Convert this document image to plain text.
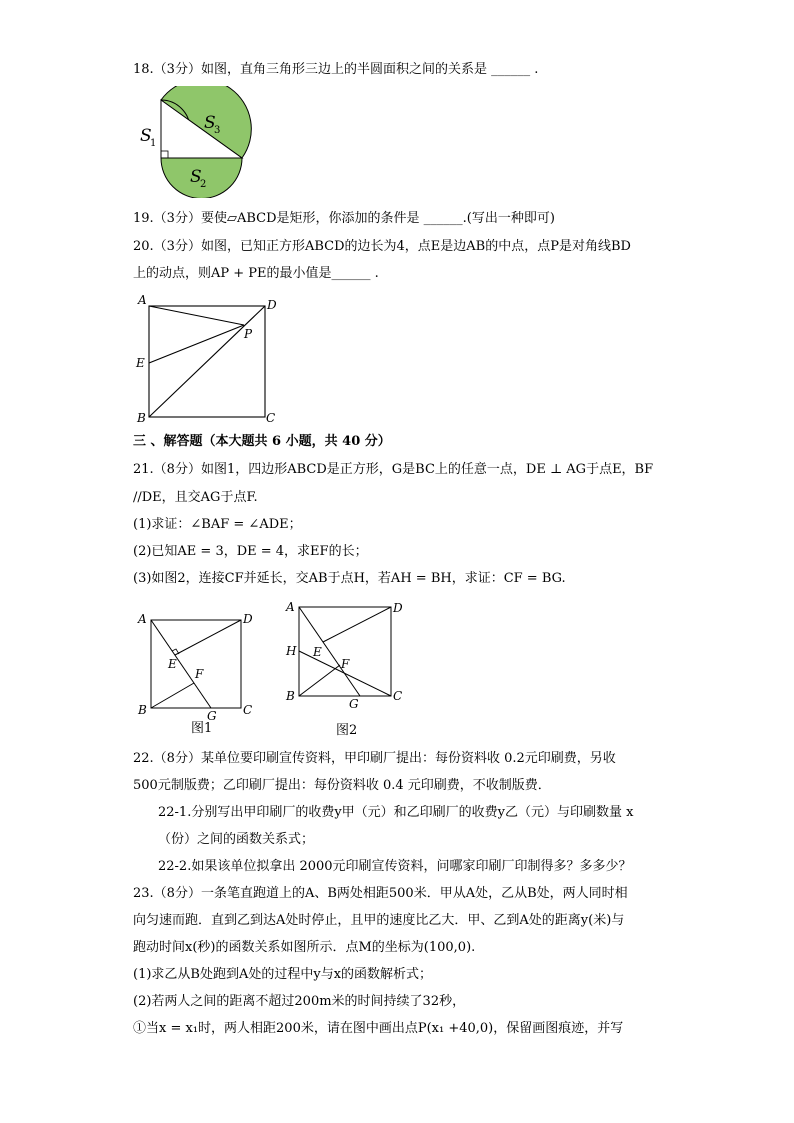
18.（3分）如图，直角三角形三边上的半圆面积之间的关系是 ______ .
S
1
S
3
S
2
19.（3分）要使▱ABCD是矩形，你添加的条件是 ______.(写出一种即可)
20.（3分）如图，已知正方形ABCD的边长为4，点E是边AB的中点，点P是对角线BD
上的动点，则AP + PE的最小值是______ .
A	D
P
E
B	C
三 、解答题（本大题共 6 小题，共 40 分）
21.（8分）如图1，四边形ABCD是正方形，G是BC上的任意一点，DE ⊥ AG于点E，BF
//DE，且交AG于点F.
(1)求证：∠BAF = ∠ADE；
(2)已知AE = 3，DE = 4，求EF的长；
(3)如图2，连接CF并延长，交AB于点H，若AH = BH，求证：CF = BG.
A	D
E
F
B	G C
图1
A	D
H E
F
B
G
C
图2
22.（8分）某单位要印刷宣传资料，甲印刷厂提出：每份资料收 0.2元印刷费，另收
500元制版费；乙印刷厂提出：每份资料收 0.4 元印刷费，不收制版费．
22-1.分别写出甲印刷厂的收费y甲（元）和乙印刷厂的收费y乙（元）与印刷数量 x
（份）之间的函数关系式；
22-2.如果该单位拟拿出 2000元印刷宣传资料，问哪家印刷厂印制得多？多多少？
23.（8分）一条笔直跑道上的A、B两处相距500米．甲从A处，乙从B处，两人同时相
向匀速而跑．直到乙到达A处时停止，且甲的速度比乙大．甲、乙到A处的距离y(米)与
跑动时间x(秒)的函数关系如图所示．点M的坐标为(100,0).
(1)求乙从B处跑到A处的过程中y与x的函数解析式；
(2)若两人之间的距离不超过200m米的时间持续了32秒，
①当x = x₁时，两人相距200米，请在图中画出点P(x₁ +40,0)，保留画图痕迹，并写
